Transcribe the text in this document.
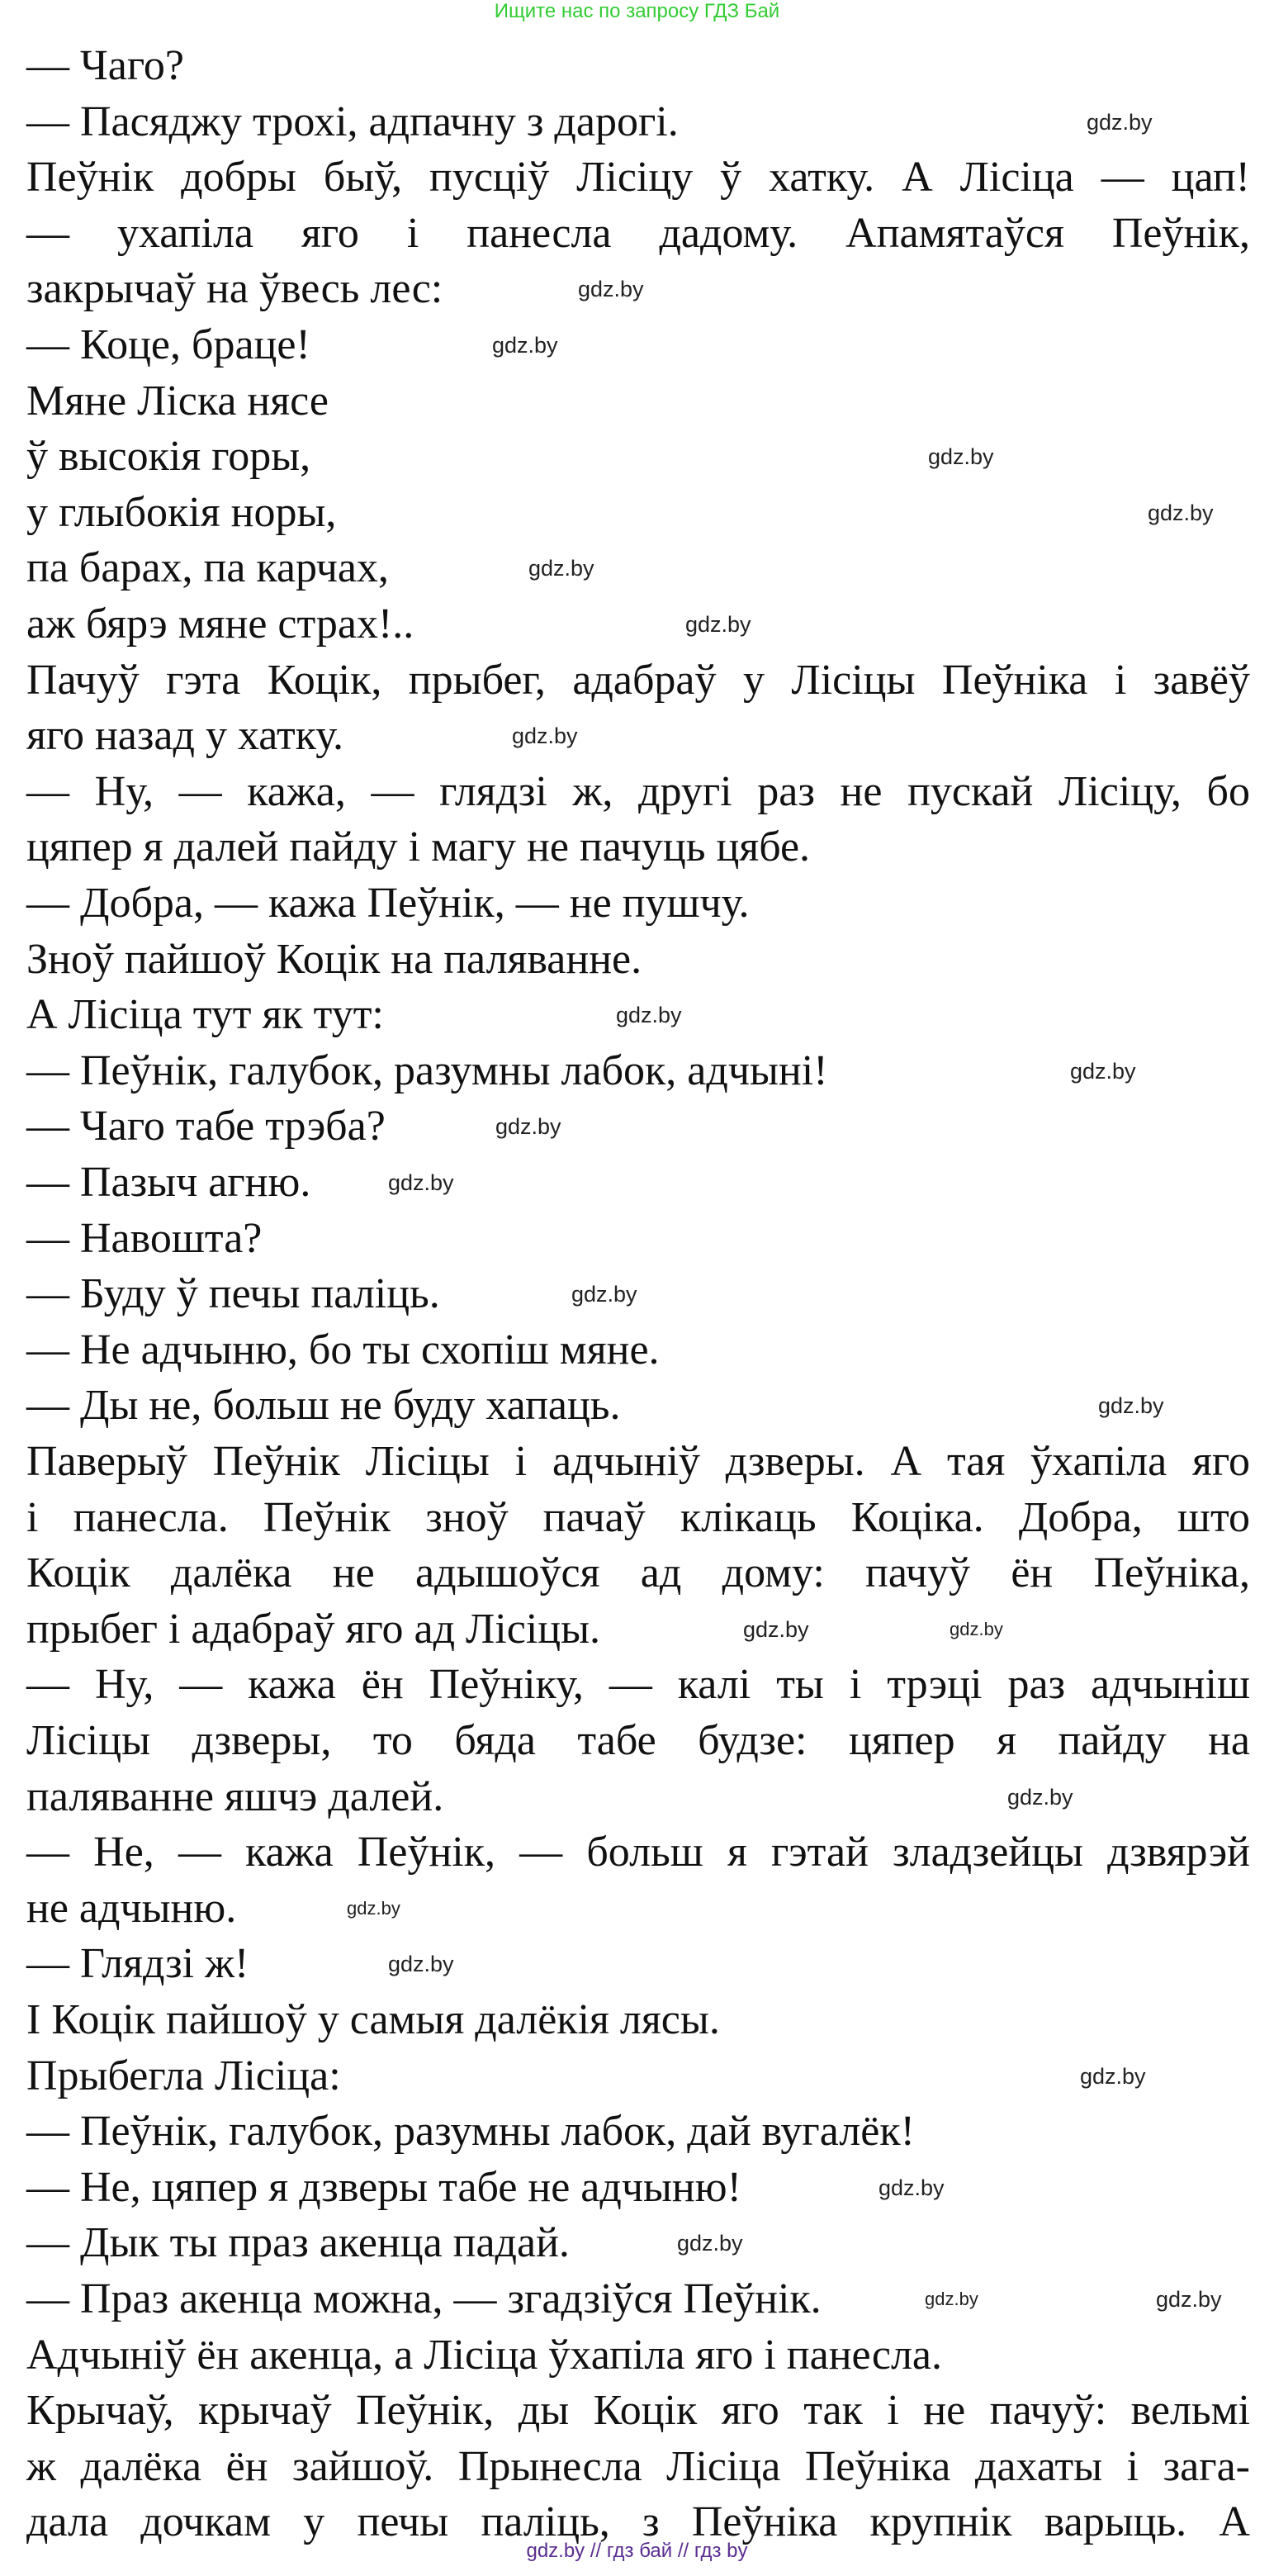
Ищите нас по запросу ГДЗ Бай
— Чаго?
— Пасяджу трохі, адпачну з дарогі.
Пеўнік добры быў, пусціў Лісіцу ў хатку. А Лісіца — цап!
— ухапіла яго і панесла дадому. Апамятаўся Пеўнік,
закрычаў на ўвесь лес:
— Коце, браце!
Мяне Ліска нясе
ў высокія горы,
у глыбокія норы,
па барах, па карчах,
аж бярэ мяне страх!..
Пачуў гэта Коцік, прыбег, адабраў у Лісіцы Пеўніка і завёў
яго назад у хатку.
— Ну, — кажа, — глядзі ж, другі раз не пускай Лісіцу, бо
цяпер я далей пайду і магу не пачуць цябе.
— Добра, — кажа Пеўнік, — не пушчу.
Зноў пайшоў Коцік на паляванне.
А Лісіца тут як тут:
— Пеўнік, галубок, разумны лабок, адчыні!
— Чаго табе трэба?
— Пазыч агню.
— Навошта?
— Буду ў печы паліць.
— Не адчыню, бо ты схопіш мяне.
— Ды не, больш не буду хапаць.
Паверыў Пеўнік Лісіцы і адчыніў дзверы. А тая ўхапіла яго
і панесла. Пеўнік зноў пачаў клікаць Коціка. Добра, што
Коцік далёка не адышоўся ад дому: пачуў ён Пеўніка,
прыбег і адабраў яго ад Лісіцы.
— Ну, — кажа ён Пеўніку, — калі ты і трэці раз адчыніш
Лісіцы дзверы, то бяда табе будзе: цяпер я пайду на
паляванне яшчэ далей.
— Не, — кажа Пеўнік, — больш я гэтай зладзейцы дзвярэй
не адчыню.
— Глядзі ж!
І Коцік пайшоў у самыя далёкія лясы.
Прыбегла Лісіца:
— Пеўнік, галубок, разумны лабок, дай вугалёк!
— Не, цяпер я дзверы табе не адчыню!
— Дык ты праз акенца падай.
— Праз акенца можна, — згадзіўся Пеўнік.
Адчыніў ён акенца, а Лісіца ўхапіла яго і панесла.
Крычаў, крычаў Пеўнік, ды Коцік яго так і не пачуў: вельмі
ж далёка ён зайшоў. Прынесла Лісіца Пеўніка дахаты і зага-
дала дочкам у печы паліць, з Пеўніка крупнік варыць. А
gdz.by
gdz.by
gdz.by
gdz.by
gdz.by
gdz.by
gdz.by
gdz.by
gdz.by
gdz.by
gdz.by
gdz.by
gdz.by
gdz.by
gdz.by	gdz.by
gdz.by
gdz.by
gdz.by
gdz.by
gdz.by
gdz.by
gdz.by
gdz.by
gdz.by // гдз бай // гдз by
